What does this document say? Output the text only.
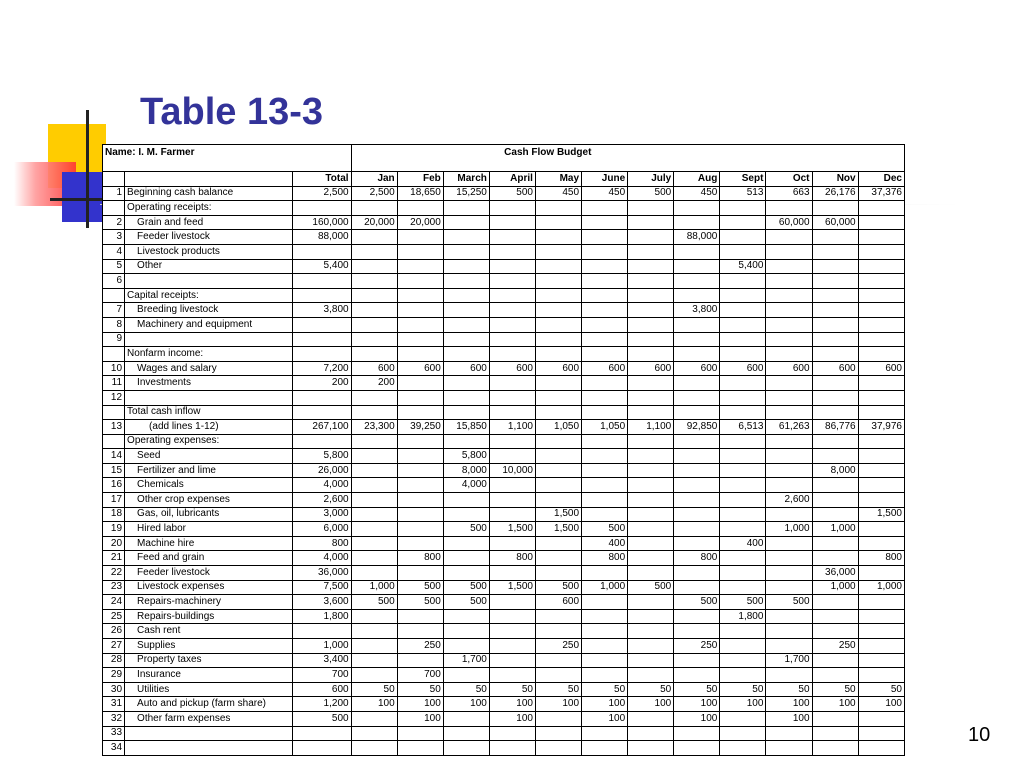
Table 13-3
Name: I. M. Farmer			Cash Flow Budget											
		Total	Jan	Feb	March	April	May	June	July	Aug	Sept	Oct	Nov	Dec
1	Beginning cash balance	2,500	2,500	18,650	15,250	500	450	450	500	450	513	663	26,176	37,376
	Operating receipts:													
2	Grain and feed	160,000	20,000	20,000								60,000	60,000	
3	Feeder livestock	88,000								88,000				
4	Livestock products													
5	Other	5,400									5,400			
6														
	Capital receipts:													
7	Breeding livestock	3,800								3,800				
8	Machinery and equipment													
9														
	Nonfarm income:													
10	Wages and salary	7,200	600	600	600	600	600	600	600	600	600	600	600	600
11	Investments	200	200											
12														
	Total cash inflow													
13	(add lines 1-12)	267,100	23,300	39,250	15,850	1,100	1,050	1,050	1,100	92,850	6,513	61,263	86,776	37,976
	Operating expenses:													
14	Seed	5,800			5,800									
15	Fertilizer and lime	26,000			8,000	10,000							8,000	
16	Chemicals	4,000			4,000									
17	Other crop expenses	2,600										2,600		
18	Gas, oil, lubricants	3,000					1,500							1,500
19	Hired labor	6,000			500	1,500	1,500	500				1,000	1,000	
20	Machine hire	800						400			400			
21	Feed and grain	4,000		800		800		800		800				800
22	Feeder livestock	36,000											36,000	
23	Livestock expenses	7,500	1,000	500	500	1,500	500	1,000	500				1,000	1,000
24	Repairs-machinery	3,600	500	500	500		600			500	500	500		
25	Repairs-buildings	1,800									1,800			
26	Cash rent													
27	Supplies	1,000		250			250			250			250	
28	Property taxes	3,400			1,700							1,700		
29	Insurance	700		700										
30	Utilities	600	50	50	50	50	50	50	50	50	50	50	50	50
31	Auto and pickup (farm share)	1,200	100	100	100	100	100	100	100	100	100	100	100	100
32	Other farm expenses	500		100		100		100		100		100		
33														
34														
10
